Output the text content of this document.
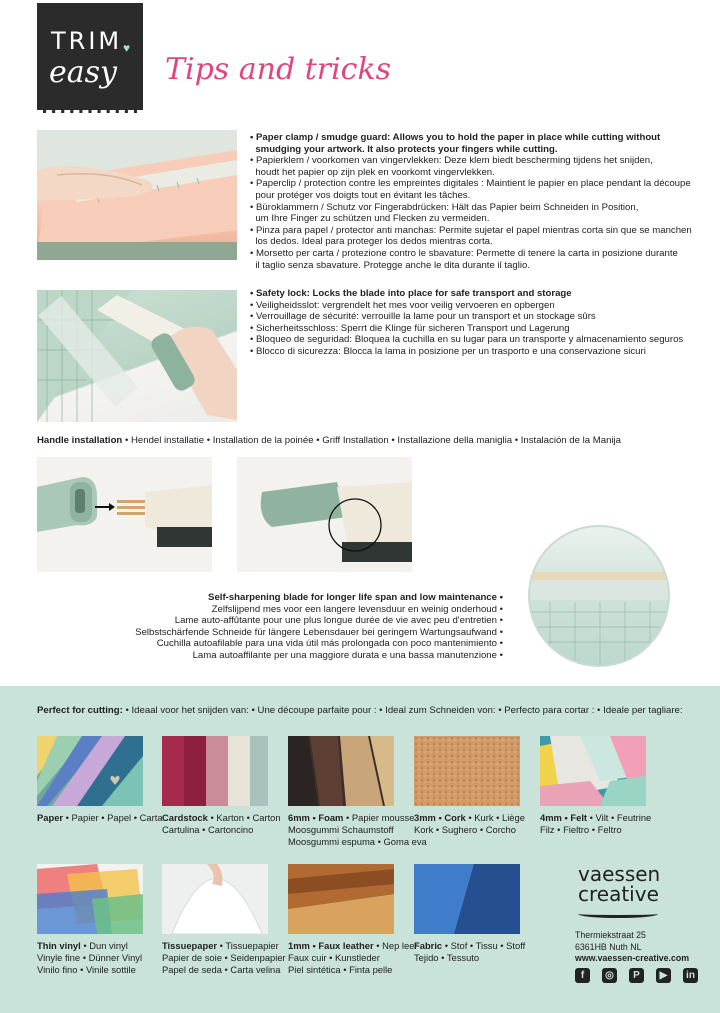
TRIM ♥
easy Tips and tricks

• Paper clamp / smudge guard: Allows you to hold the paper in place while cutting without

smudging your artwork. It also protects your fingers while cutting.

• Papierklem / voorkomen van vingervlekken: Deze klem biedt bescherming tijdens het snijden,

houdt het papier op zijn plek en voorkomt vingervlekken.

• Paperclip / protection contre les empreintes digitales : Maintient le papier en place pendant la découpe

pour protéger vos doigts tout en évitant les tâches.

• Büroklammern / Schutz vor Fingerabdrücken: Hält das Papier beim Schneiden in Position,

um Ihre Finger zu schützen und Flecken zu vermeiden.

• Pinza para papel / protector anti manchas: Permite sujetar el papel mientras corta sin que se manchen

los dedos. Ideal para proteger los dedos mientras corta.

• Morsetto per carta / protezione contro le sbavature: Permette di tenere la carta in posizione durante

il taglio senza sbavature. Protegge anche le dita durante il taglio.

• Safety lock: Locks the blade into place for safe transport and storage

• Veiligheidsslot: vergrendelt het mes voor veilig vervoeren en opbergen

• Verrouillage de sécurité: verrouille la lame pour un transport et un stockage sûrs

• Sicherheitsschloss: Sperrt die Klinge für sicheren Transport und Lagerung

• Bloqueo de seguridad: Bloquea la cuchilla en su lugar para un transporte y almacenamiento seguros

• Blocco di sicurezza: Blocca la lama in posizione per un trasporto e una conservazione sicuri

Handle installation • Hendel installatie • Installation de la poinée • Griff Installation • Installazione della maniglia • Instalación de la Manija

Self-sharpening blade for longer life span and low maintenance •

Zelfslijpend mes voor een langere levensduur en weinig onderhoud •

Lame auto-affûtante pour une plus longue durée de vie avec peu d'entretien •

Selbstschärfende Schneide für längere Lebensdauer bei geringem Wartungsaufwand •

Cuchilla autoafilable para una vida útil más prolongada con poco mantenimiento •

Lama autoaffilante per una maggiore durata e una bassa manutenzione •

Perfect for cutting: • Ideaal voor het snijden van: • Une découpe parfaite pour : • Ideal zum Schneiden von: • Perfecto para cortar : • Ideale per tagliare:
Paper • Papier • Papel • Carta Cardstock • Karton • Carton
Cartulina • Cartoncino
6mm • Foam • Papier mousse
Moosgummi Schaumstoff
Moosgummi espuma • Goma eva
3mm • Cork • Kurk • Liège
Kork • Sughero • Corcho
4mm • Felt • Vilt • Feutrine
Filz • Fieltro • Feltro
Thin vinyl • Dun vinyl
Vinyle fine • Dünner Vinyl
Vinilo fino • Vinile sottile
Tissuepaper • Tissuepapier
Papier de soie • Seidenpapier
Papel de seda • Carta velina
1mm • Faux leather • Nep leer
Faux cuir • Kunstleder
Piel sintética • Finta pelle
Fabric • Stof • Tissu • Stoff
Tejido • Tessuto
vaessen
creative
Thermiekstraat 25
6361HB Nuth NL
www.vaessen-creative.com
f	◎	P	▶	in
